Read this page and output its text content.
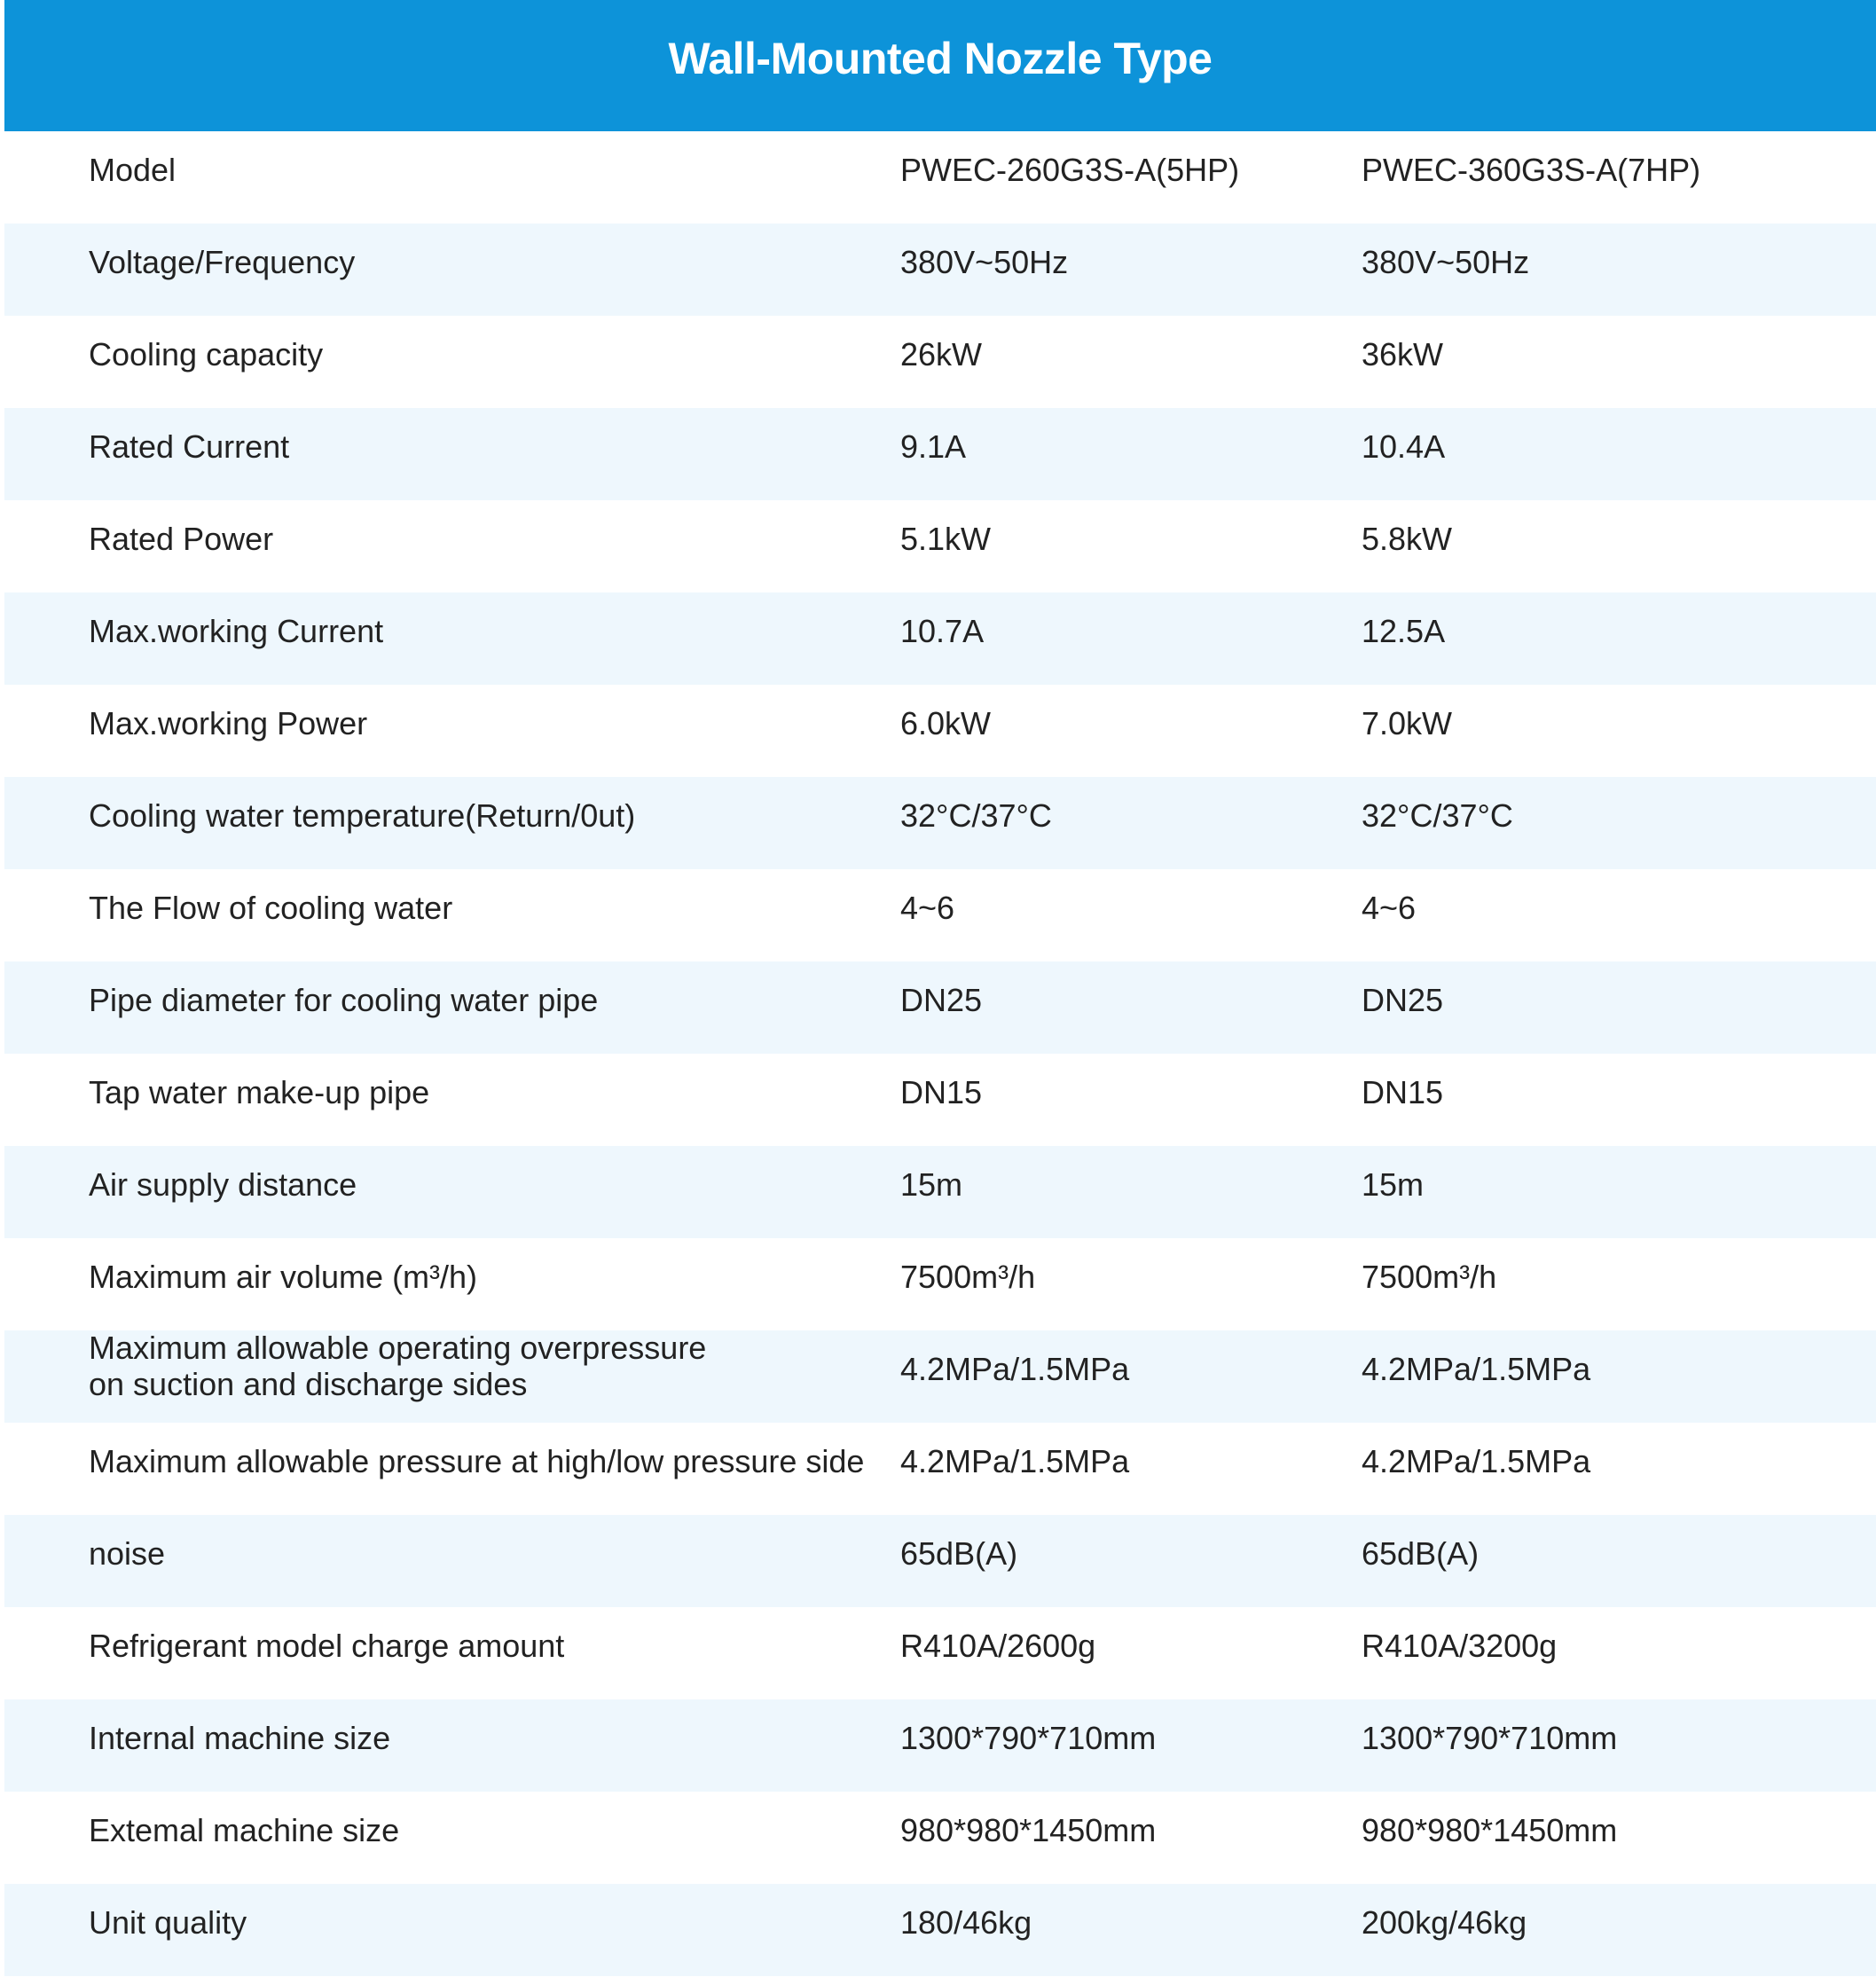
Wall-Mounted Nozzle Type
Model	PWEC-260G3S-A(5HP)	PWEC-360G3S-A(7HP)
Voltage/Frequency	380V~50Hz	380V~50Hz
Cooling capacity	26kW	36kW
Rated Current	9.1A	10.4A
Rated Power	5.1kW	5.8kW
Max.working Current	10.7A	12.5A
Max.working Power	6.0kW	7.0kW
Cooling water temperature(Return/0ut)	32°C/37°C	32°C/37°C
The Flow of cooling water	4~6	4~6
Pipe diameter for cooling water pipe	DN25	DN25
Tap water make-up pipe	DN15	DN15
Air supply distance	15m	15m
Maximum air volume (m³/h)	7500m³/h	7500m³/h
Maximum allowable operating overpressure
on suction and discharge sides	4.2MPa/1.5MPa	4.2MPa/1.5MPa
Maximum allowable pressure at high/low pressure side	4.2MPa/1.5MPa	4.2MPa/1.5MPa
noise	65dB(A)	65dB(A)
Refrigerant model charge amount	R410A/2600g	R410A/3200g
Internal machine size	1300*790*710mm	1300*790*710mm
Extemal machine size	980*980*1450mm	980*980*1450mm
Unit quality	180/46kg	200kg/46kg
